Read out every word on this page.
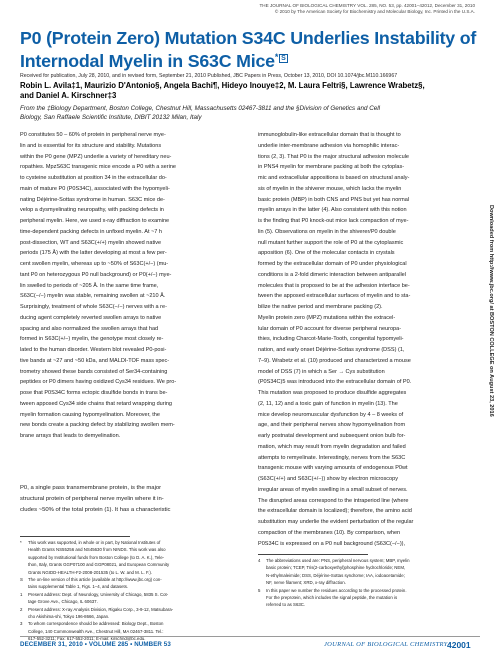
THE JOURNAL OF BIOLOGICAL CHEMISTRY VOL. 285, NO. 53, pp. 42001–42012, December 31, 2010
© 2010 by The American Society for Biochemistry and Molecular Biology, Inc. Printed in the U.S.A.
P0 (Protein Zero) Mutation S34C Underlies Instability of
Internodal Myelin in S63C Mice$^{* S}$
Received for publication, July 28, 2010, and in revised form, September 21, 2010 Published, JBC Papers in Press, October 13, 2010, DOI 10.1074/jbc.M110.166967
Robin L. Avila‡1, Maurizio D'Antonio§, Angela Bachi¶, Hideyo Inouye‡2, M. Laura Feltri§, Lawrence Wrabetz§,
and Daniel A. Kirschner‡3
From the ‡Biology Department, Boston College, Chestnut Hill, Massachusetts 02467-3811 and the §Division of Genetics and Cell
Biology, San Raffaele Scientific Institute, DIBIT 20132 Milan, Italy

P0 constitutes 50 – 60% of protein in peripheral nerve mye-

lin and is essential for its structure and stability. Mutations

within the P0 gene (MPZ) underlie a variety of hereditary neu-

ropathies. MpzS63C transgenic mice encode a P0 with a serine

to cysteine substitution at position 34 in the extracellular do-

main of mature P0 (P0S34C), associated with the hypomyeli-

nating Déjérine-Sottas syndrome in human. S63C mice de-

velop a dysmyelinating neuropathy, with packing defects in

peripheral myelin. Here, we used x-ray diffraction to examine

time-dependent packing defects in unfixed myelin. At ~7 h

post-dissection, WT and S63C(+/+) myelin showed native

periods (175 Å) with the latter developing at most a few per-

cent swollen myelin, whereas up to ~50% of S63C(+/−) (mu-

tant P0 on heterozygous P0 null background) or P0(+/−) mye-

lin swelled to periods of ~205 Å. In the same time frame,

S63C(−/−) myelin was stable, remaining swollen at ~210 Å.

Surprisingly, treatment of whole S63C(−/−) nerves with a re-

ducing agent completely reverted swollen arrays to native

spacing and also normalized the swollen arrays that had

formed in S63C(+/−) myelin, the genotype most closely re-

lated to the human disorder. Western blot revealed P0-posi-

tive bands at ~27 and ~50 kDa, and MALDI-TOF mass spec-

trometry showed these bands consisted of Ser34-containing

peptides or P0 dimers having oxidized Cys34 residues. We pro-

pose that P0S34C forms ectopic disulfide bonds in trans be-

tween apposed Cys34 side chains that retard wrapping during

myelin formation causing hypomyelination. Moreover, the

new bonds create a packing defect by stabilizing swollen mem-

brane arrays that leads to demyelination.

P0, a single pass transmembrane protein, is the major

structural protein of peripheral nerve myelin where it in-

cludes ~50% of the total protein (1). It has a characteristic

* This work was supported, in whole or in part, by National Institutes of
Health Grants NS55256 and NS45630 from NINDS. This work was also
supported by Institutional funds from Boston College (to D. A. K.), Tele-
thon, Italy, Grants GGP07100 and GGP08021, and European Community
Grants NGIDD-HEALTH-F2-2008-201535 (to L. W. and M. L. F.).
S The on-line version of this article (available at http://www.jbc.org) con-
tains supplemental Table 1, Figs. 1–4, and datasets.
1 Present address: Dept. of Neurology, University of Chicago, 5835 S. Cot-
tage Grove Ave., Chicago, IL 60637.
2 Present address: X-ray Analysis Division, Rigaku Corp., 3-9-12, Matsubara-
cho Akishima-shi, Tokyo 196-8666, Japan.
3 To whom correspondence should be addressed: Biology Dept., Boston
College, 140 Commonwealth Ave., Chestnut Hill, MA 02467-3811. Tel.:
617-552-3211; Fax: 617-552-2011; E-mail: kirschnd@bc.edu.

immunoglobulin-like extracellular domain that is thought to

underlie inter-membrane adhesion via homophilic interac-

tions (2, 3). That P0 is the major structural adhesion molecule

in PNS4 myelin for membrane packing at both the cytoplas-

mic and extracellular appositions is based on structural analy-

sis of myelin in the shiverer mouse, which lacks the myelin

basic protein (MBP) in both CNS and PNS but yet has normal

myelin arrays in the latter (4). Also consistent with this notion

is the finding that P0 knock-out mice lack compaction of mye-

lin (5). Observations on myelin in the shiverer/P0 double

null mutant further support the role of P0 at the cytoplasmic

apposition (6). One of the molecular contacts in crystals

formed by the extracellular domain of P0 under physiological

conditions is a 2-fold dimeric interaction between antiparallel

molecules that is proposed to be at the adhesion interface be-

tween the apposed extracellular surfaces of myelin and to sta-

bilize the native period and membrane packing (2).

Myelin protein zero (MPZ) mutations within the extracel-

lular domain of P0 account for diverse peripheral neuropa-

thies, including Charcot-Marie-Tooth, congenital hypomyeli-

nation, and early onset Déjérine-Sottas syndrome (DSS) (1,

7–9). Wrabetz et al. (10) produced and characterized a mouse

model of DSS (7) in which a Ser → Cys substitution

(P0S34C)5 was introduced into the extracellular domain of P0.

This mutation was proposed to produce disulfide aggregates

(2, 11, 12) and a toxic gain of function in myelin (13). The

mice develop neuromuscular dysfunction by 4 – 8 weeks of

age, and their peripheral nerves show hypomyelination from

early postnatal development and subsequent onion bulb for-

mation, which may result from myelin degradation and failed

attempts to remyelinate. Interestingly, nerves from the S63C

transgenic mouse with varying amounts of endogenous P0wt

(S63C(+/+) and S63C(+/−)) show by electron microscopy

irregular areas of myelin swelling in a small subset of nerves.

The disrupted areas correspond to the intraperiod line (where

the extracellular domain is localized); therefore, the amino acid

substitution may underlie the evident perturbation of the regular

compaction of the membranes (10). By comparison, when

P0S34C is expressed on a P0 null background (S63C(−/−)),

4 The abbreviations used are: PNS, peripheral nervous system; MBP, myelin
basic protein; TCEP, Tris(2-carboxyethyl)phosphine hydrochloride; NEM,
N-ethylmaleimide; DSS, Déjérine-Sottas syndrome; IAA, iodoacetamide;
NF, nerve filament; XRD, x-ray diffraction.
5 In this paper we number the residues according to the processed protein.
For the preprotein, which includes the signal peptide, the mutation is
referred to as S63C.
Downloaded from http://www.jbc.org/ at BOSTON COLLEGE on August 23, 2016
DECEMBER 31, 2010 • VOLUME 285 • NUMBER 53	JOURNAL OF BIOLOGICAL CHEMISTRY 42001
